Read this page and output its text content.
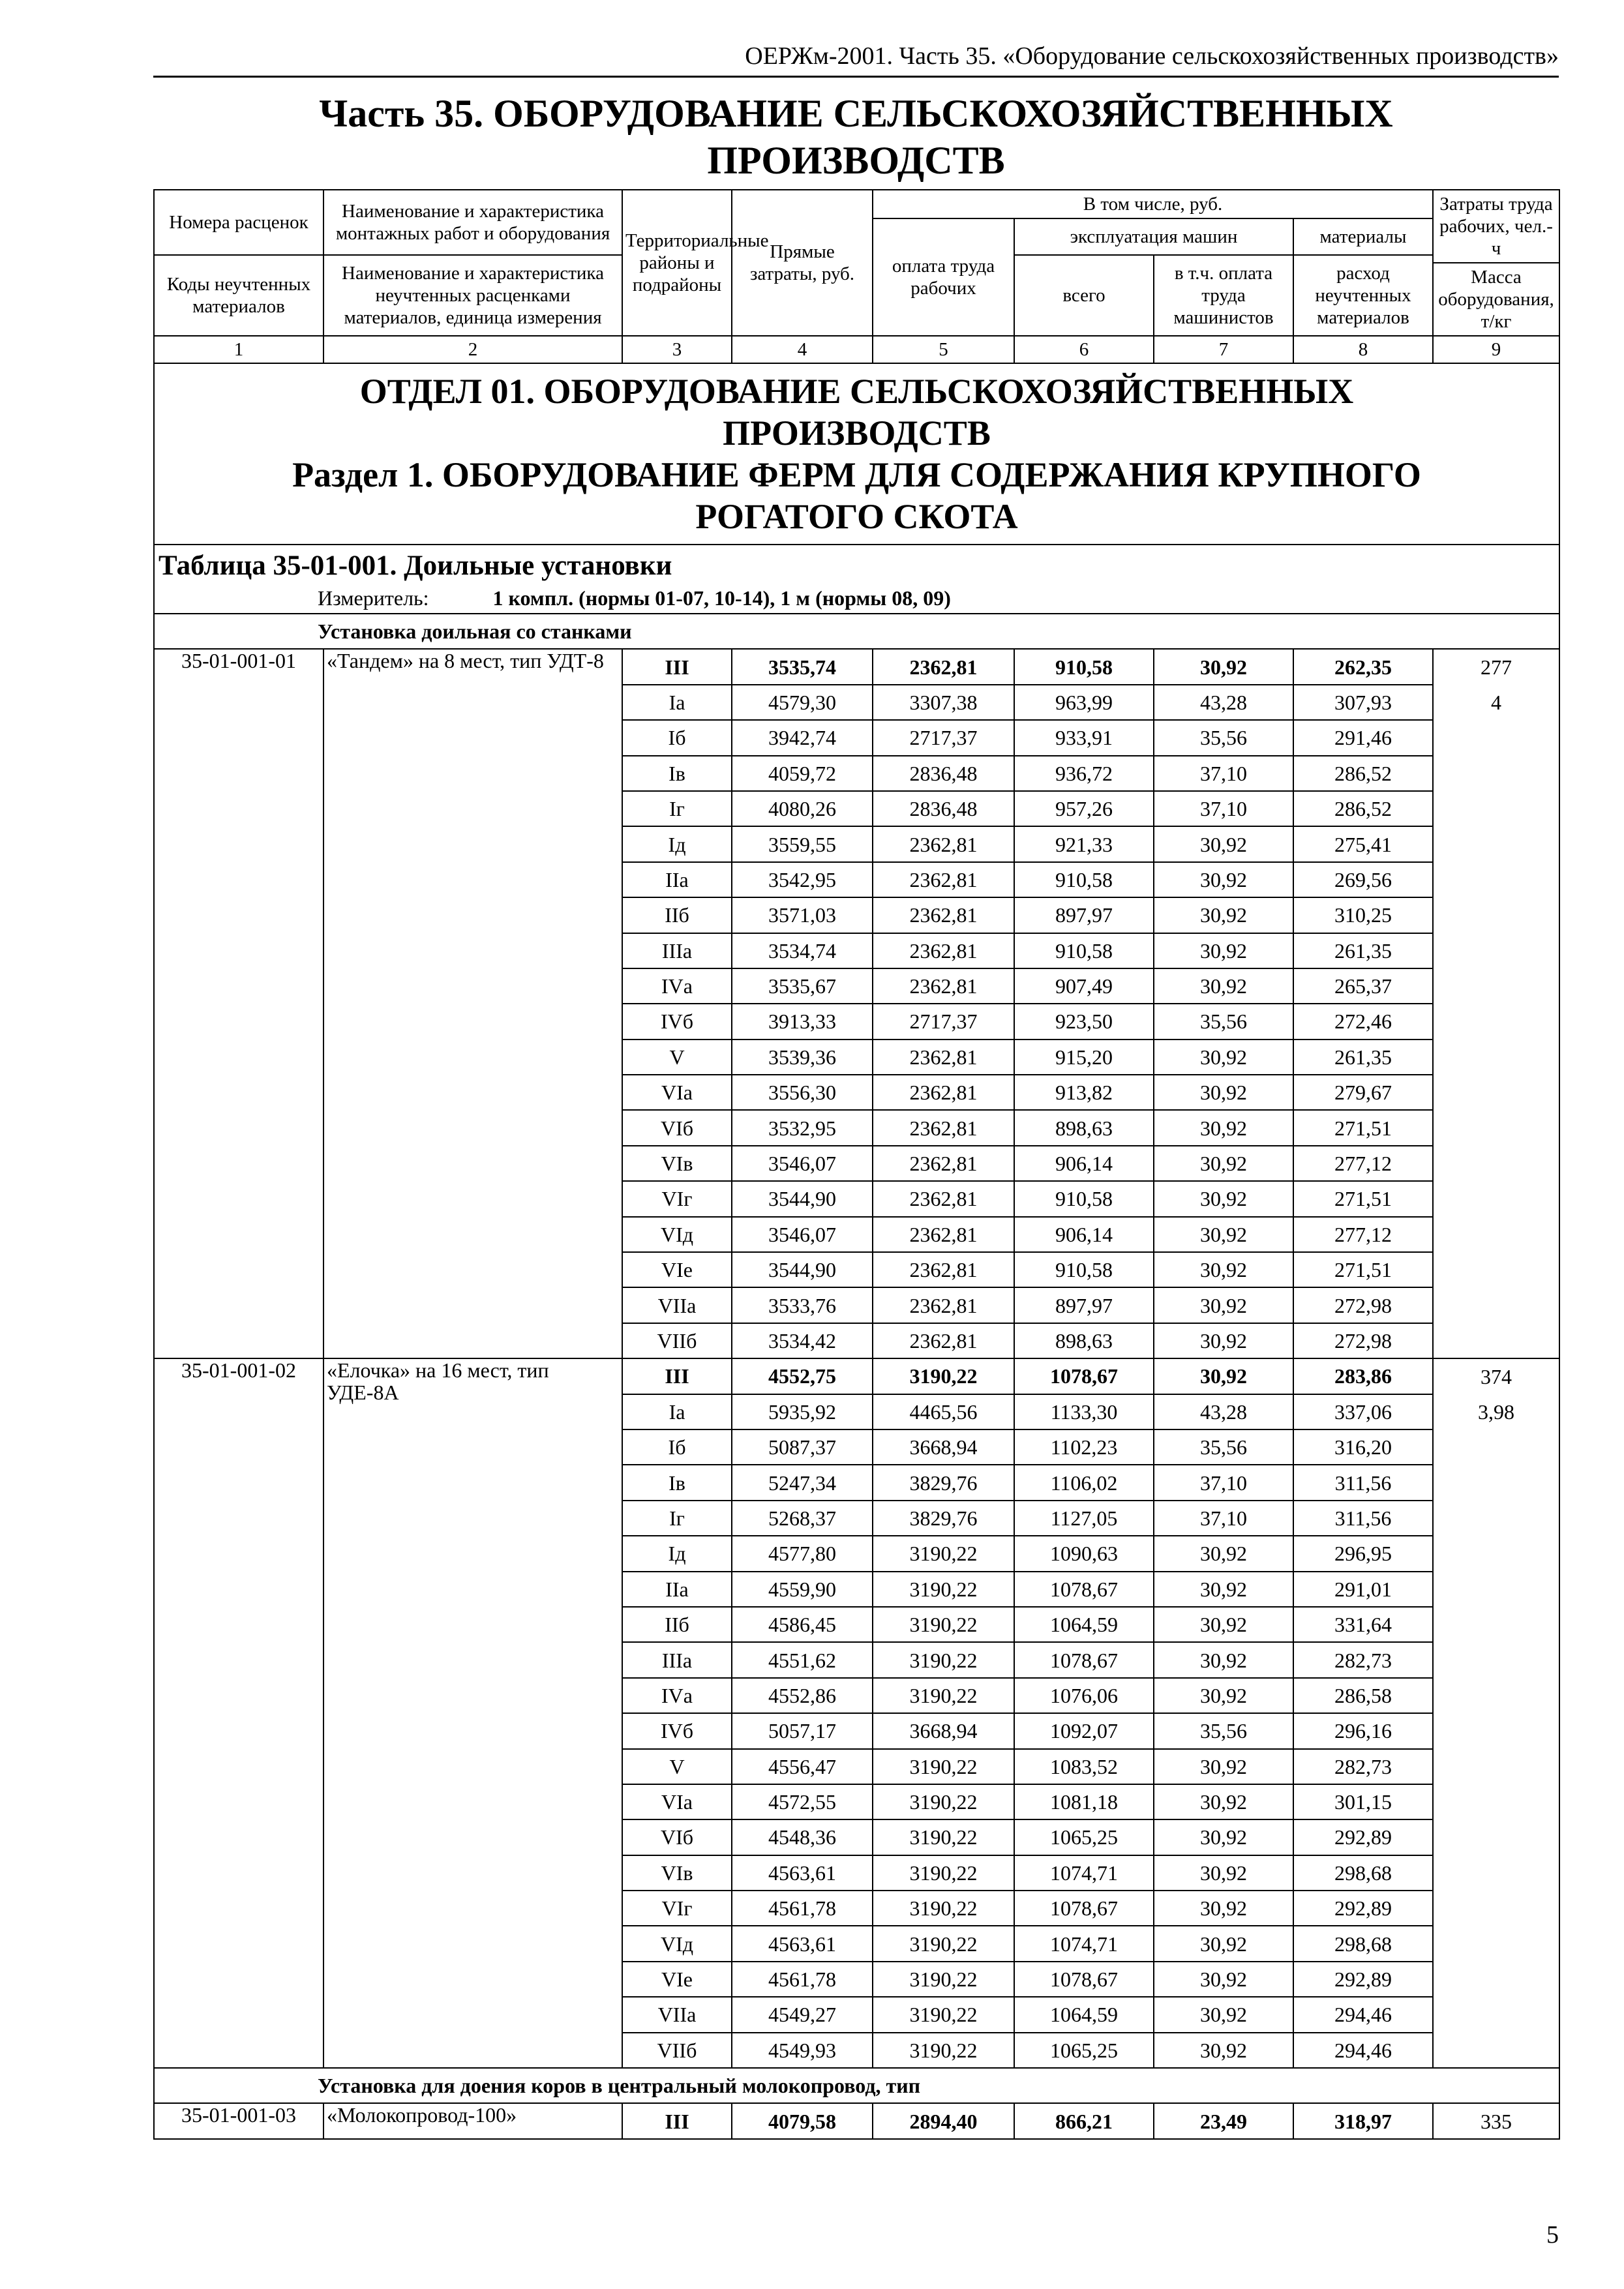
ОЕРЖм-2001. Часть 35. «Оборудование сельскохозяйственных производств»
Часть 35. ОБОРУДОВАНИЕ СЕЛЬСКОХОЗЯЙСТВЕННЫХ
ПРОИЗВОДСТВ
Номера расценок	Наименование и характеристика монтажных работ и оборудования	Территориальные районы и подрайоны	Прямые затраты, руб.	В том числе, руб.				Затраты труда рабочих, чел.-ч
				оплата труда рабочих	эксплуатация машин		материалы	
Коды неучтенных материалов	Наименование и характеристика неучтенных расценками материалов, единица измерения				всего	в т.ч. оплата труда машинистов	расход неучтенных материалов	
								Масса оборудования, т/кг
1	2	3	4	5	6	7	8	9

ОТДЕЛ 01. ОБОРУДОВАНИЕ СЕЛЬСКОХОЗЯЙСТВЕННЫХ ПРОИЗВОДСТВ
Раздел 1. ОБОРУДОВАНИЕ ФЕРМ ДЛЯ СОДЕРЖАНИЯ КРУПНОГО РОГАТОГО СКОТА								

Таблица 35-01-001. Доильные установки								
Измеритель: 1 компл. (нормы 01-07, 10-14), 1 м (нормы 08, 09)								
Установка доильная со станками								
35-01-001-01	«Тандем» на 8 мест, тип УДТ-8	III	3535,74	2362,81	910,58	30,92	262,35	277
		Iа	4579,30	3307,38	963,99	43,28	307,93	4
		Iб	3942,74	2717,37	933,91	35,56	291,46	
		Iв	4059,72	2836,48	936,72	37,10	286,52	
		Iг	4080,26	2836,48	957,26	37,10	286,52	
		Iд	3559,55	2362,81	921,33	30,92	275,41	
		IIа	3542,95	2362,81	910,58	30,92	269,56	
		IIб	3571,03	2362,81	897,97	30,92	310,25	
		IIIа	3534,74	2362,81	910,58	30,92	261,35	
		IVа	3535,67	2362,81	907,49	30,92	265,37	
		IVб	3913,33	2717,37	923,50	35,56	272,46	
		V	3539,36	2362,81	915,20	30,92	261,35	
		VIа	3556,30	2362,81	913,82	30,92	279,67	
		VIб	3532,95	2362,81	898,63	30,92	271,51	
		VIв	3546,07	2362,81	906,14	30,92	277,12	
		VIг	3544,90	2362,81	910,58	30,92	271,51	
		VIд	3546,07	2362,81	906,14	30,92	277,12	
		VIе	3544,90	2362,81	910,58	30,92	271,51	
		VIIа	3533,76	2362,81	897,97	30,92	272,98	
		VIIб	3534,42	2362,81	898,63	30,92	272,98	
35-01-001-02	«Елочка» на 16 мест, тип УДЕ-8А	III	4552,75	3190,22	1078,67	30,92	283,86	374
		Iа	5935,92	4465,56	1133,30	43,28	337,06	3,98
		Iб	5087,37	3668,94	1102,23	35,56	316,20	
		Iв	5247,34	3829,76	1106,02	37,10	311,56	
		Iг	5268,37	3829,76	1127,05	37,10	311,56	
		Iд	4577,80	3190,22	1090,63	30,92	296,95	
		IIа	4559,90	3190,22	1078,67	30,92	291,01	
		IIб	4586,45	3190,22	1064,59	30,92	331,64	
		IIIа	4551,62	3190,22	1078,67	30,92	282,73	
		IVа	4552,86	3190,22	1076,06	30,92	286,58	
		IVб	5057,17	3668,94	1092,07	35,56	296,16	
		V	4556,47	3190,22	1083,52	30,92	282,73	
		VIа	4572,55	3190,22	1081,18	30,92	301,15	
		VIб	4548,36	3190,22	1065,25	30,92	292,89	
		VIв	4563,61	3190,22	1074,71	30,92	298,68	
		VIг	4561,78	3190,22	1078,67	30,92	292,89	
		VIд	4563,61	3190,22	1074,71	30,92	298,68	
		VIе	4561,78	3190,22	1078,67	30,92	292,89	
		VIIа	4549,27	3190,22	1064,59	30,92	294,46	
		VIIб	4549,93	3190,22	1065,25	30,92	294,46	
Установка для доения коров в центральный молокопровод, тип								
35-01-001-03	«Молокопровод-100»	III	4079,58	2894,40	866,21	23,49	318,97	335
5
